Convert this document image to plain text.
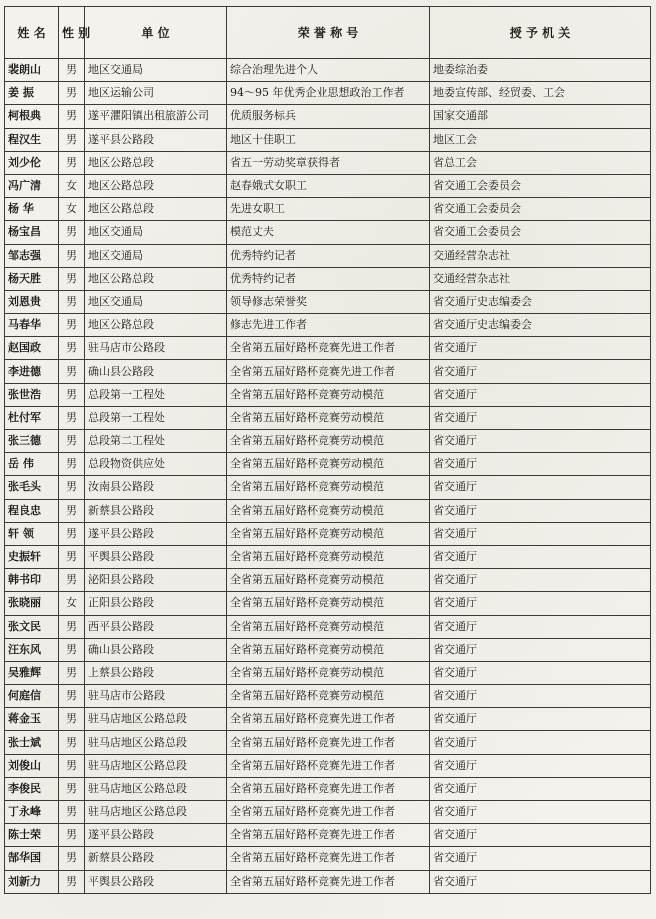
姓 名	性 别	单 位	荣 誉 称 号	授 予 机 关
裴朗山	男	地区交通局	综合治理先进个人	地委综治委
姜 振	男	地区运输公司	94～95 年优秀企业思想政治工作者	地委宣传部、经贸委、工会
柯根典	男	遂平灈阳镇出租旅游公司	优质服务标兵	国家交通部
程汉生	男	遂平县公路段	地区十佳职工	地区工会
刘少伦	男	地区公路总段	省五一劳动奖章获得者	省总工会
冯广清	女	地区公路总段	赵春娥式女职工	省交通工会委员会
杨 华	女	地区公路总段	先进女职工	省交通工会委员会
杨宝昌	男	地区交通局	模范丈夫	省交通工会委员会
邹志强	男	地区交通局	优秀特约记者	交通经营杂志社
杨天胜	男	地区公路总段	优秀特约记者	交通经营杂志社
刘恩贵	男	地区交通局	领导修志荣誉奖	省交通厅史志编委会
马春华	男	地区公路总段	修志先进工作者	省交通厅史志编委会
赵国政	男	驻马店市公路段	全省第五届好路杯竞赛先进工作者	省交通厅
李进德	男	确山县公路段	全省第五届好路杯竞赛先进工作者	省交通厅
张世浩	男	总段第一工程处	全省第五届好路杯竞赛劳动模范	省交通厅
杜付军	男	总段第一工程处	全省第五届好路杯竞赛劳动模范	省交通厅
张三德	男	总段第二工程处	全省第五届好路杯竞赛劳动模范	省交通厅
岳 伟	男	总段物资供应处	全省第五届好路杯竞赛劳动模范	省交通厅
张毛头	男	汝南县公路段	全省第五届好路杯竞赛劳动模范	省交通厅
程良忠	男	新蔡县公路段	全省第五届好路杯竞赛劳动模范	省交通厅
轩 领	男	遂平县公路段	全省第五届好路杯竞赛劳动模范	省交通厅
史振轩	男	平舆县公路段	全省第五届好路杯竞赛劳动模范	省交通厅
韩书印	男	泌阳县公路段	全省第五届好路杯竞赛劳动模范	省交通厅
张晓丽	女	正阳县公路段	全省第五届好路杯竞赛劳动模范	省交通厅
张文民	男	西平县公路段	全省第五届好路杯竞赛劳动模范	省交通厅
汪东风	男	确山县公路段	全省第五届好路杯竞赛劳动模范	省交通厅
吴雅辉	男	上蔡县公路段	全省第五届好路杯竞赛劳动模范	省交通厅
何庭信	男	驻马店市公路段	全省第五届好路杯竞赛劳动模范	省交通厅
蒋金玉	男	驻马店地区公路总段	全省第五届好路杯竞赛先进工作者	省交通厅
张士斌	男	驻马店地区公路总段	全省第五届好路杯竞赛先进工作者	省交通厅
刘俊山	男	驻马店地区公路总段	全省第五届好路杯竞赛先进工作者	省交通厅
李俊民	男	驻马店地区公路总段	全省第五届好路杯竞赛先进工作者	省交通厅
丁永峰	男	驻马店地区公路总段	全省第五届好路杯竞赛先进工作者	省交通厅
陈士荣	男	遂平县公路段	全省第五届好路杯竞赛先进工作者	省交通厅
郜华国	男	新蔡县公路段	全省第五届好路杯竞赛先进工作者	省交通厅
刘新力	男	平舆县公路段	全省第五届好路杯竞赛先进工作者	省交通厅
